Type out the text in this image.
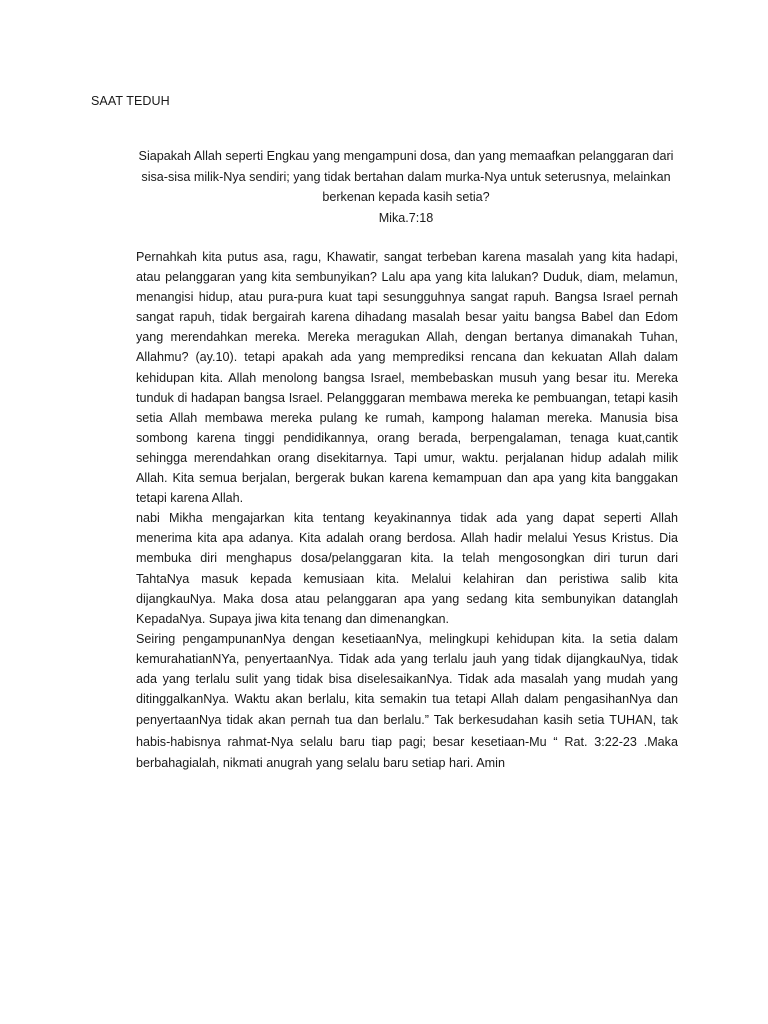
SAAT TEDUH
Siapakah Allah seperti Engkau yang mengampuni dosa, dan yang memaafkan pelanggaran dari
sisa-sisa milik-Nya sendiri; yang tidak bertahan dalam murka-Nya untuk seterusnya, melainkan
berkenan kepada kasih setia?
Mika.7:18
Pernahkah kita putus asa, ragu, Khawatir, sangat terbeban karena masalah yang kita hadapi,
atau pelanggaran yang kita sembunyikan? Lalu apa yang kita lalukan? Duduk, diam, melamun,
menangisi hidup, atau pura-pura kuat tapi sesungguhnya sangat rapuh. Bangsa Israel pernah
sangat rapuh, tidak bergairah karena dihadang masalah besar yaitu bangsa Babel dan Edom
yang merendahkan mereka. Mereka meragukan Allah, dengan bertanya dimanakah Tuhan,
Allahmu? (ay.10). tetapi apakah ada yang memprediksi rencana dan kekuatan Allah dalam
kehidupan kita. Allah menolong bangsa Israel, membebaskan musuh yang besar itu. Mereka
tunduk di hadapan bangsa Israel. Pelangggaran membawa mereka ke pembuangan, tetapi kasih
setia Allah membawa mereka pulang ke rumah, kampong halaman mereka. Manusia bisa
sombong karena tinggi pendidikannya, orang berada, berpengalaman, tenaga kuat,cantik
sehingga merendahkan orang disekitarnya. Tapi umur, waktu. perjalanan hidup adalah milik
Allah. Kita semua berjalan, bergerak bukan karena kemampuan dan apa yang kita banggakan
tetapi karena Allah.
nabi Mikha mengajarkan kita tentang keyakinannya tidak ada yang dapat seperti Allah
menerima kita apa adanya. Kita adalah orang berdosa. Allah hadir melalui Yesus Kristus. Dia
membuka diri menghapus dosa/pelanggaran kita. Ia telah mengosongkan diri turun dari
TahtaNya masuk kepada kemusiaan kita. Melalui kelahiran dan peristiwa salib kita
dijangkauNya. Maka dosa atau pelanggaran apa yang sedang kita sembunyikan datanglah
KepadaNya. Supaya jiwa kita tenang dan dimenangkan.
Seiring pengampunanNya dengan kesetiaanNya, melingkupi kehidupan kita. Ia setia dalam
kemurahatianNYa, penyertaanNya. Tidak ada yang terlalu jauh yang tidak dijangkauNya, tidak
ada yang terlalu sulit yang tidak bisa diselesaikanNya. Tidak ada masalah yang mudah yang
ditinggalkanNya. Waktu akan berlalu, kita semakin tua tetapi Allah dalam pengasihanNya dan
penyertaanNya tidak akan pernah tua dan berlalu.” Tak berkesudahan kasih setia TUHAN, tak
habis-habisnya rahmat-Nya selalu baru tiap pagi; besar kesetiaan-Mu “ Rat. 3:22-23 .Maka
berbahagialah, nikmati anugrah yang selalu baru setiap hari. Amin
